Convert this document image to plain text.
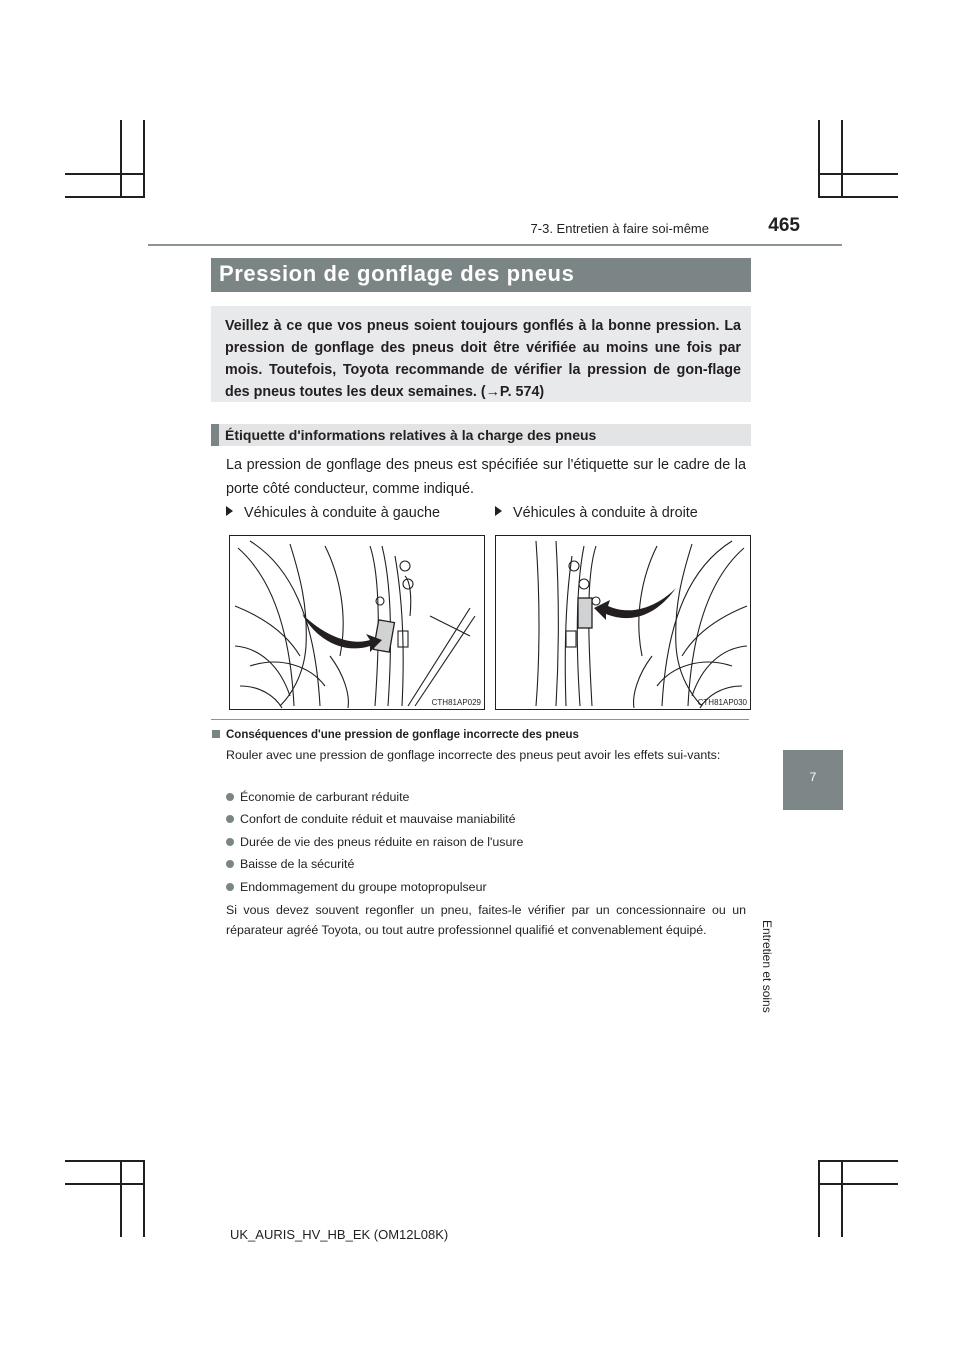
7-3. Entretien à faire soi-même	465
7
Entretien et soins
Pression de gonflage des pneus

Veillez à ce que vos pneus soient toujours gonflés à la bonne pression. La pression de gonflage des pneus doit être vérifiée au moins une fois par mois. Toutefois, Toyota recommande de vérifier la pression de gon-flage des pneus toutes les deux semaines. (→P. 574)

Étiquette d'informations relatives à la charge des pneus
La pression de gonflage des pneus est spécifiée sur l'étiquette sur le cadre de la porte côté conducteur, comme indiqué.
Véhicules à conduite à gauche	Véhicules à conduite à droite
CTH81AP029	CTH81AP030
Conséquences d'une pression de gonflage incorrecte des pneus
Rouler avec une pression de gonflage incorrecte des pneus peut avoir les effets sui-vants:
Économie de carburant réduite
Confort de conduite réduit et mauvaise maniabilité
Durée de vie des pneus réduite en raison de l'usure
Baisse de la sécurité
Endommagement du groupe motopropulseur
Si vous devez souvent regonfler un pneu, faites-le vérifier par un concessionnaire ou un réparateur agréé Toyota, ou tout autre professionnel qualifié et convenablement équipé.
UK_AURIS_HV_HB_EK (OM12L08K)
